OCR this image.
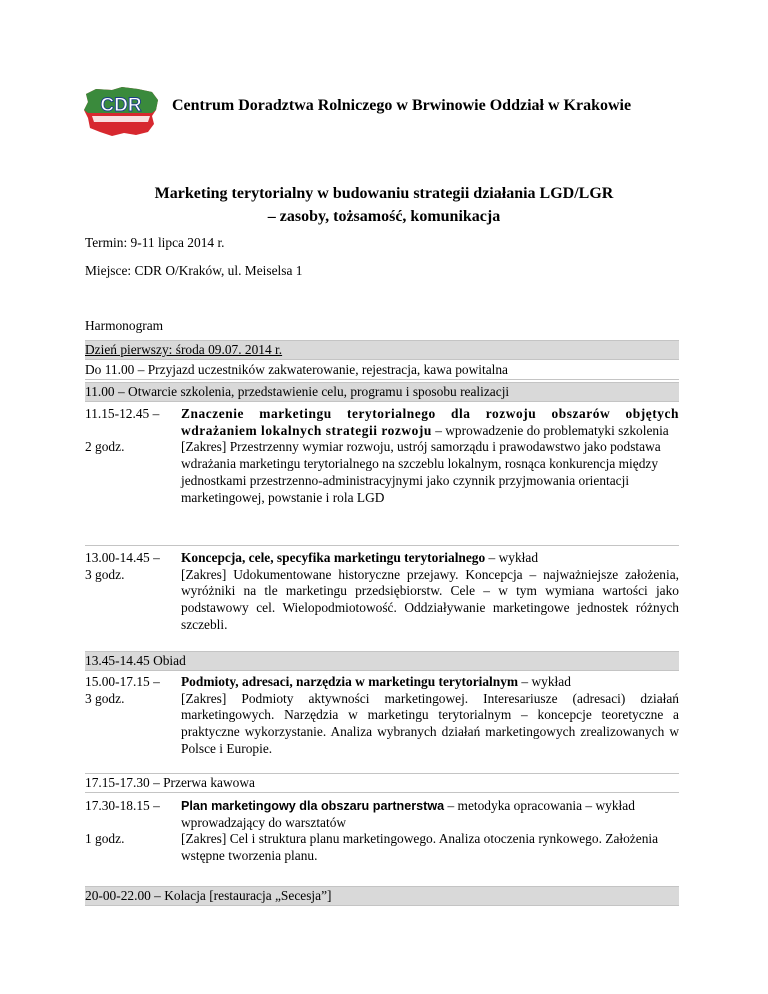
CDR Centrum Doradztwa Rolniczego w Brwinowie Oddział w Krakowie
Marketing terytorialny w budowaniu strategii działania LGD/LGR
– zasoby, tożsamość, komunikacja
Termin: 9-11 lipca 2014 r.
Miejsce: CDR O/Kraków, ul. Meiselsa 1
Harmonogram
Dzień pierwszy: środa 09.07. 2014 r.
Do 11.00 – Przyjazd uczestników zakwaterowanie, rejestracja, kawa powitalna
11.00 – Otwarcie szkolenia, przedstawienie celu, programu i sposobu realizacji
11.15-12.45 –	Znaczenie marketingu terytorialnego dla rozwoju obszarów objętych wdrażaniem lokalnych strategii rozwoju – wprowadzenie do problematyki szkolenia
2 godz.	[Zakres] Przestrzenny wymiar rozwoju, ustrój samorządu i prawodawstwo jako podstawa wdrażania marketingu terytorialnego na szczeblu lokalnym, rosnąca konkurencja między jednostkami przestrzenno-administracyjnymi jako czynnik przyjmowania orientacji marketingowej, powstanie i rola LGD
13.00-14.45 –	Koncepcja, cele, specyfika marketingu terytorialnego – wykład
3 godz.	[Zakres] Udokumentowane historyczne przejawy. Koncepcja – najważniejsze założenia, wyróżniki na tle marketingu przedsiębiorstw. Cele – w tym wymiana wartości jako podstawowy cel. Wielopodmiotowość. Oddziaływanie marketingowe jednostek różnych szczebli.
13.45-14.45 Obiad
15.00-17.15 –	Podmioty, adresaci, narzędzia w marketingu terytorialnym – wykład
3 godz.	[Zakres] Podmioty aktywności marketingowej. Interesariusze (adresaci) działań marketingowych. Narzędzia w marketingu terytorialnym – koncepcje teoretyczne a praktyczne wykorzystanie. Analiza wybranych działań marketingowych zrealizowanych w Polsce i Europie.
17.15-17.30 – Przerwa kawowa
17.30-18.15 –	Plan marketingowy dla obszaru partnerstwa – metodyka opracowania – wykład wprowadzający do warsztatów
1 godz.	[Zakres] Cel i struktura planu marketingowego. Analiza otoczenia rynkowego. Założenia wstępne tworzenia planu.
20-00-22.00 – Kolacja [restauracja „Secesja”]
